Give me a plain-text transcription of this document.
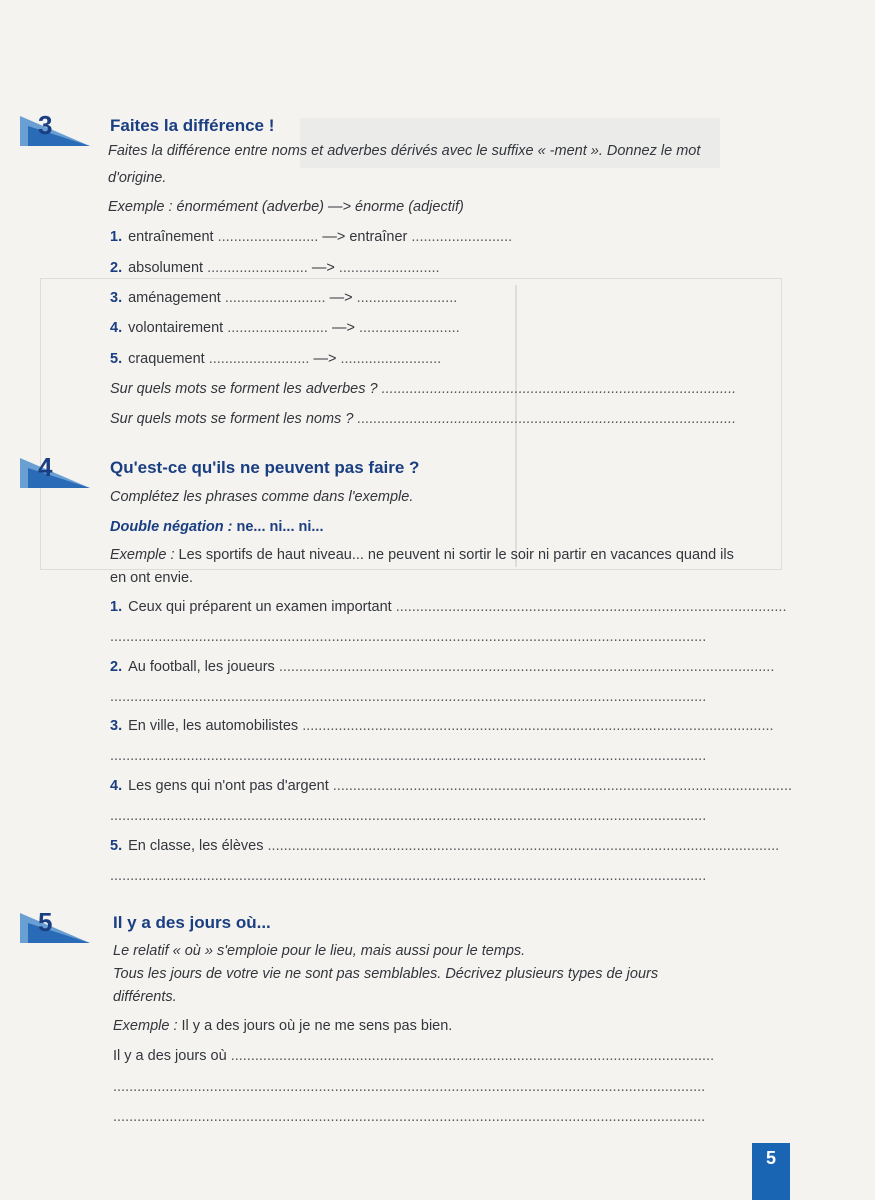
3	Faites la différence !
Faites la différence entre noms et adverbes dérivés avec le suffixe « -ment ». Donnez le mot
d'origine.
Exemple : énormément (adverbe) —> énorme (adjectif)
1. entraînement ......................... —> entraîner .........................
2. absolument ......................... —> .........................
3. aménagement ......................... —> .........................
4. volontairement ......................... —> .........................
5. craquement ......................... —> .........................
Sur quels mots se forment les adverbes ? ........................................................................................
Sur quels mots se forment les noms ? ..............................................................................................
4	Qu'est-ce qu'ils ne peuvent pas faire ?
Complétez les phrases comme dans l'exemple.
Double négation : ne... ni... ni...
Exemple : Les sportifs de haut niveau... ne peuvent ni sortir le soir ni partir en vacances quand ils
en ont envie.
1. Ceux qui préparent un examen important .................................................................................................
....................................................................................................................................................
2. Au football, les joueurs ...........................................................................................................................
....................................................................................................................................................
3. En ville, les automobilistes .....................................................................................................................
....................................................................................................................................................
4. Les gens qui n'ont pas d'argent ..................................................................................................................
....................................................................................................................................................
5. En classe, les élèves ...............................................................................................................................
....................................................................................................................................................
5	Il y a des jours où...
Le relatif « où » s'emploie pour le lieu, mais aussi pour le temps.
Tous les jours de votre vie ne sont pas semblables. Décrivez plusieurs types de jours
différents.
Exemple : Il y a des jours où je ne me sens pas bien.
Il y a des jours où ........................................................................................................................
...................................................................................................................................................
...................................................................................................................................................
5
